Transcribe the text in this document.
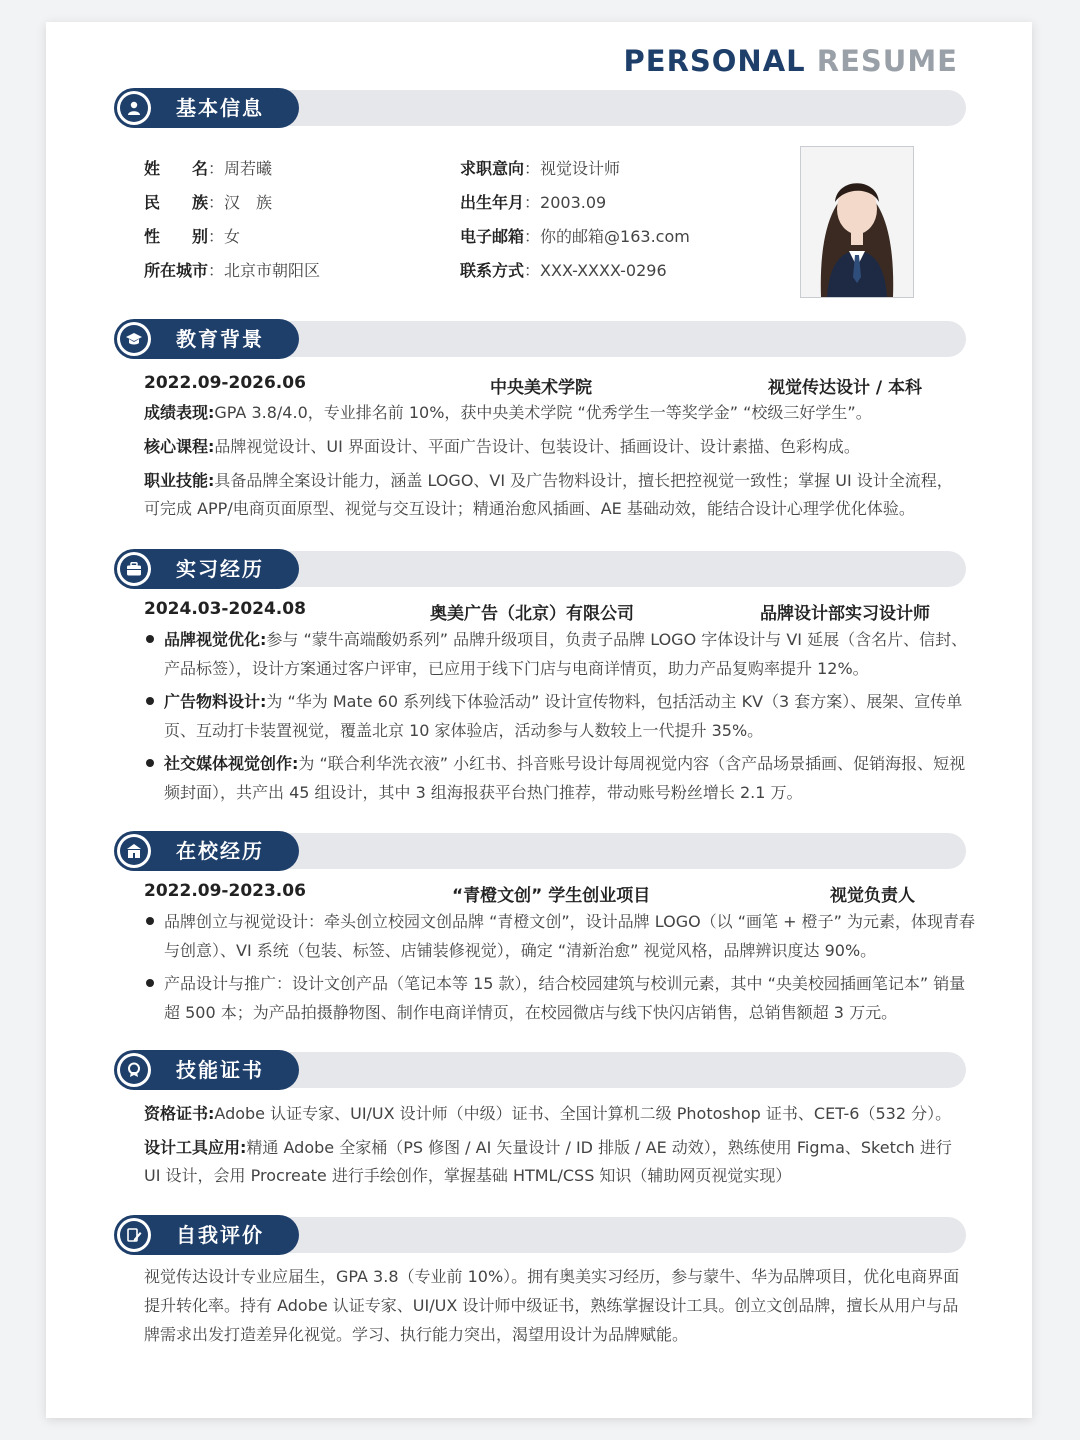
PERSONAL RESUME
基本信息
姓　　名：周若曦
民　　族：汉　族
性　　别：女
所在城市：北京市朝阳区
求职意向：视觉设计师
出生年月：2003.09
电子邮箱：你的邮箱@163.com
联系方式：XXX-XXXX-0296
教育背景
2022.09-2026.06	中央美术学院	视觉传达设计 / 本科
成绩表现:GPA 3.8/4.0，专业排名前 10%，获中央美术学院 “优秀学生一等奖学金” “校级三好学生”。
核心课程:品牌视觉设计、UI 界面设计、平面广告设计、包装设计、插画设计、设计素描、色彩构成。
职业技能:具备品牌全案设计能力，涵盖 LOGO、VI 及广告物料设计，擅长把控视觉一致性；掌握 UI 设计全流程，可完成 APP/电商页面原型、视觉与交互设计；精通治愈风插画、AE 基础动效，能结合设计心理学优化体验。
实习经历
2024.03-2024.08	奥美广告（北京）有限公司	品牌设计部实习设计师
品牌视觉优化:参与 “蒙牛高端酸奶系列” 品牌升级项目，负责子品牌 LOGO 字体设计与 VI 延展（含名片、信封、产品标签），设计方案通过客户评审，已应用于线下门店与电商详情页，助力产品复购率提升 12%。
广告物料设计:为 “华为 Mate 60 系列线下体验活动” 设计宣传物料，包括活动主 KV（3 套方案）、展架、宣传单页、互动打卡装置视觉，覆盖北京 10 家体验店，活动参与人数较上一代提升 35%。
社交媒体视觉创作:为 “联合利华洗衣液” 小红书、抖音账号设计每周视觉内容（含产品场景插画、促销海报、短视频封面），共产出 45 组设计，其中 3 组海报获平台热门推荐，带动账号粉丝增长 2.1 万。
在校经历
2022.09-2023.06	“青橙文创” 学生创业项目	视觉负责人
品牌创立与视觉设计：牵头创立校园文创品牌 “青橙文创”，设计品牌 LOGO（以 “画笔 + 橙子” 为元素，体现青春与创意）、VI 系统（包装、标签、店铺装修视觉），确定 “清新治愈” 视觉风格，品牌辨识度达 90%。
产品设计与推广：设计文创产品（笔记本等 15 款），结合校园建筑与校训元素，其中 “央美校园插画笔记本” 销量超 500 本；为产品拍摄静物图、制作电商详情页，在校园微店与线下快闪店销售，总销售额超 3 万元。
技能证书
资格证书:Adobe 认证专家、UI/UX 设计师（中级）证书、全国计算机二级 Photoshop 证书、CET-6（532 分）。
设计工具应用:精通 Adobe 全家桶（PS 修图 / AI 矢量设计 / ID 排版 / AE 动效），熟练使用 Figma、Sketch 进行 UI 设计，会用 Procreate 进行手绘创作，掌握基础 HTML/CSS 知识（辅助网页视觉实现）
自我评价
视觉传达设计专业应届生，GPA 3.8（专业前 10%）。拥有奥美实习经历，参与蒙牛、华为品牌项目，优化电商界面提升转化率。持有 Adobe 认证专家、UI/UX 设计师中级证书，熟练掌握设计工具。创立文创品牌，擅长从用户与品牌需求出发打造差异化视觉。学习、执行能力突出，渴望用设计为品牌赋能。
